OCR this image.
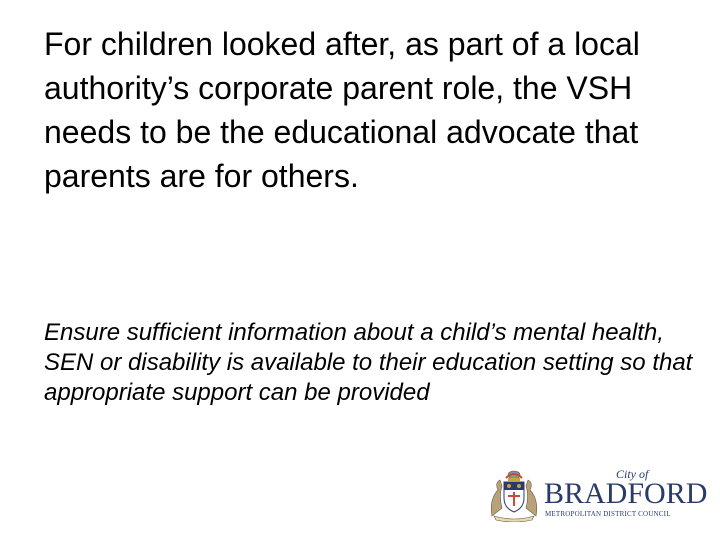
For children looked after, as part of a local authority’s corporate parent role, the VSH needs to be the educational advocate that parents are for others.

Ensure sufficient information about a child’s mental health, SEN or disability is available to their education setting so that appropriate support can be provided

City of
BRADFORD
METROPOLITAN DISTRICT COUNCIL
